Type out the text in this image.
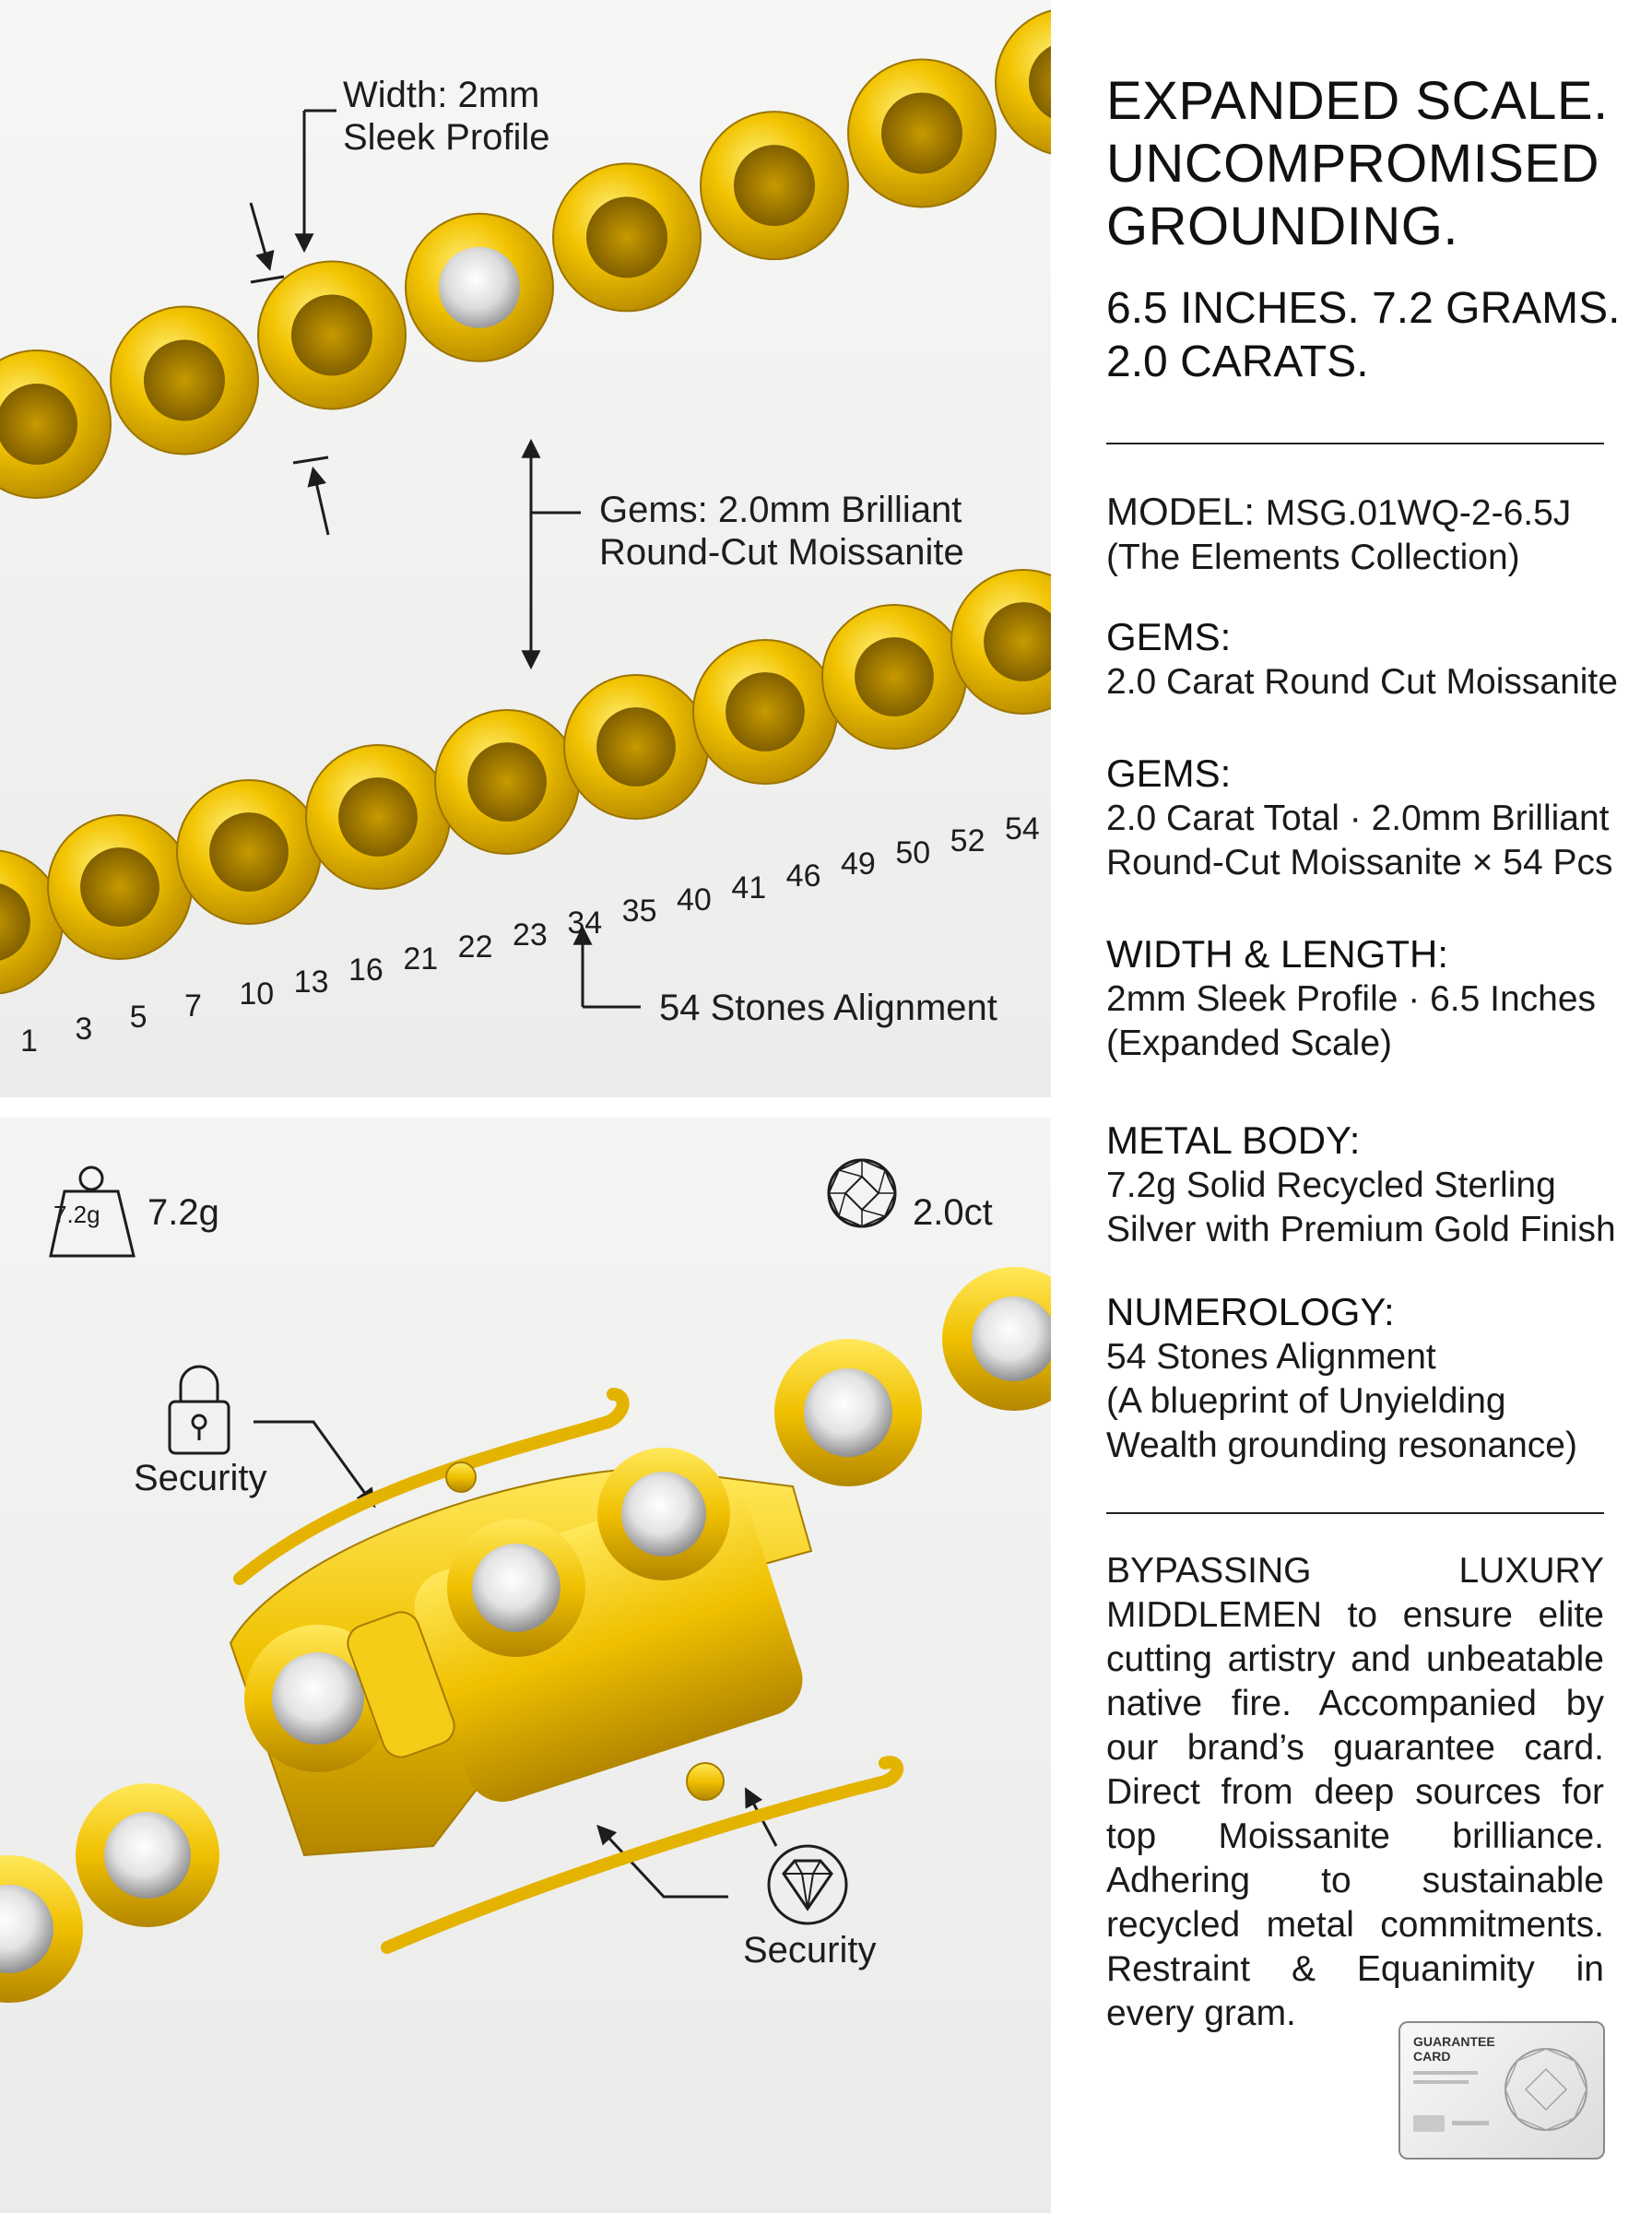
Width: 2mm
Sleek Profile
Gems: 2.0mm Brilliant
Round-Cut Moissanite
54 Stones Alignment
1 3 5 7 10 13 16 21 22 23 34 35 40 41 46 49 50 52 54
7.2g 7.2g	2.0ct
Security
Security
EXPANDED SCALE.
UNCOMPROMISED
GROUNDING.
6.5 INCHES. 7.2 GRAMS.
2.0 CARATS.
MODEL: MSG.01WQ-2-6.5J
(The Elements Collection)
GEMS:
2.0 Carat Round Cut Moissanite
GEMS:
2.0 Carat Total · 2.0mm Brilliant
Round-Cut Moissanite × 54 Pcs
WIDTH & LENGTH:
2mm Sleek Profile · 6.5 Inches
(Expanded Scale)
METAL BODY:
7.2g Solid Recycled Sterling
Silver with Premium Gold Finish
NUMEROLOGY:
54 Stones Alignment
(A blueprint of Unyielding
Wealth grounding resonance)
BYPASSING LUXURY MIDDLEMEN to ensure elite cutting artistry and unbeatable native fire. Accompanied by our brand’s guarantee card. Direct from deep sources for top Moissanite brilliance. Adhering to sustainable recycled metal commitments. Restraint & Equanimity in every gram.
GUARANTEE CARD
